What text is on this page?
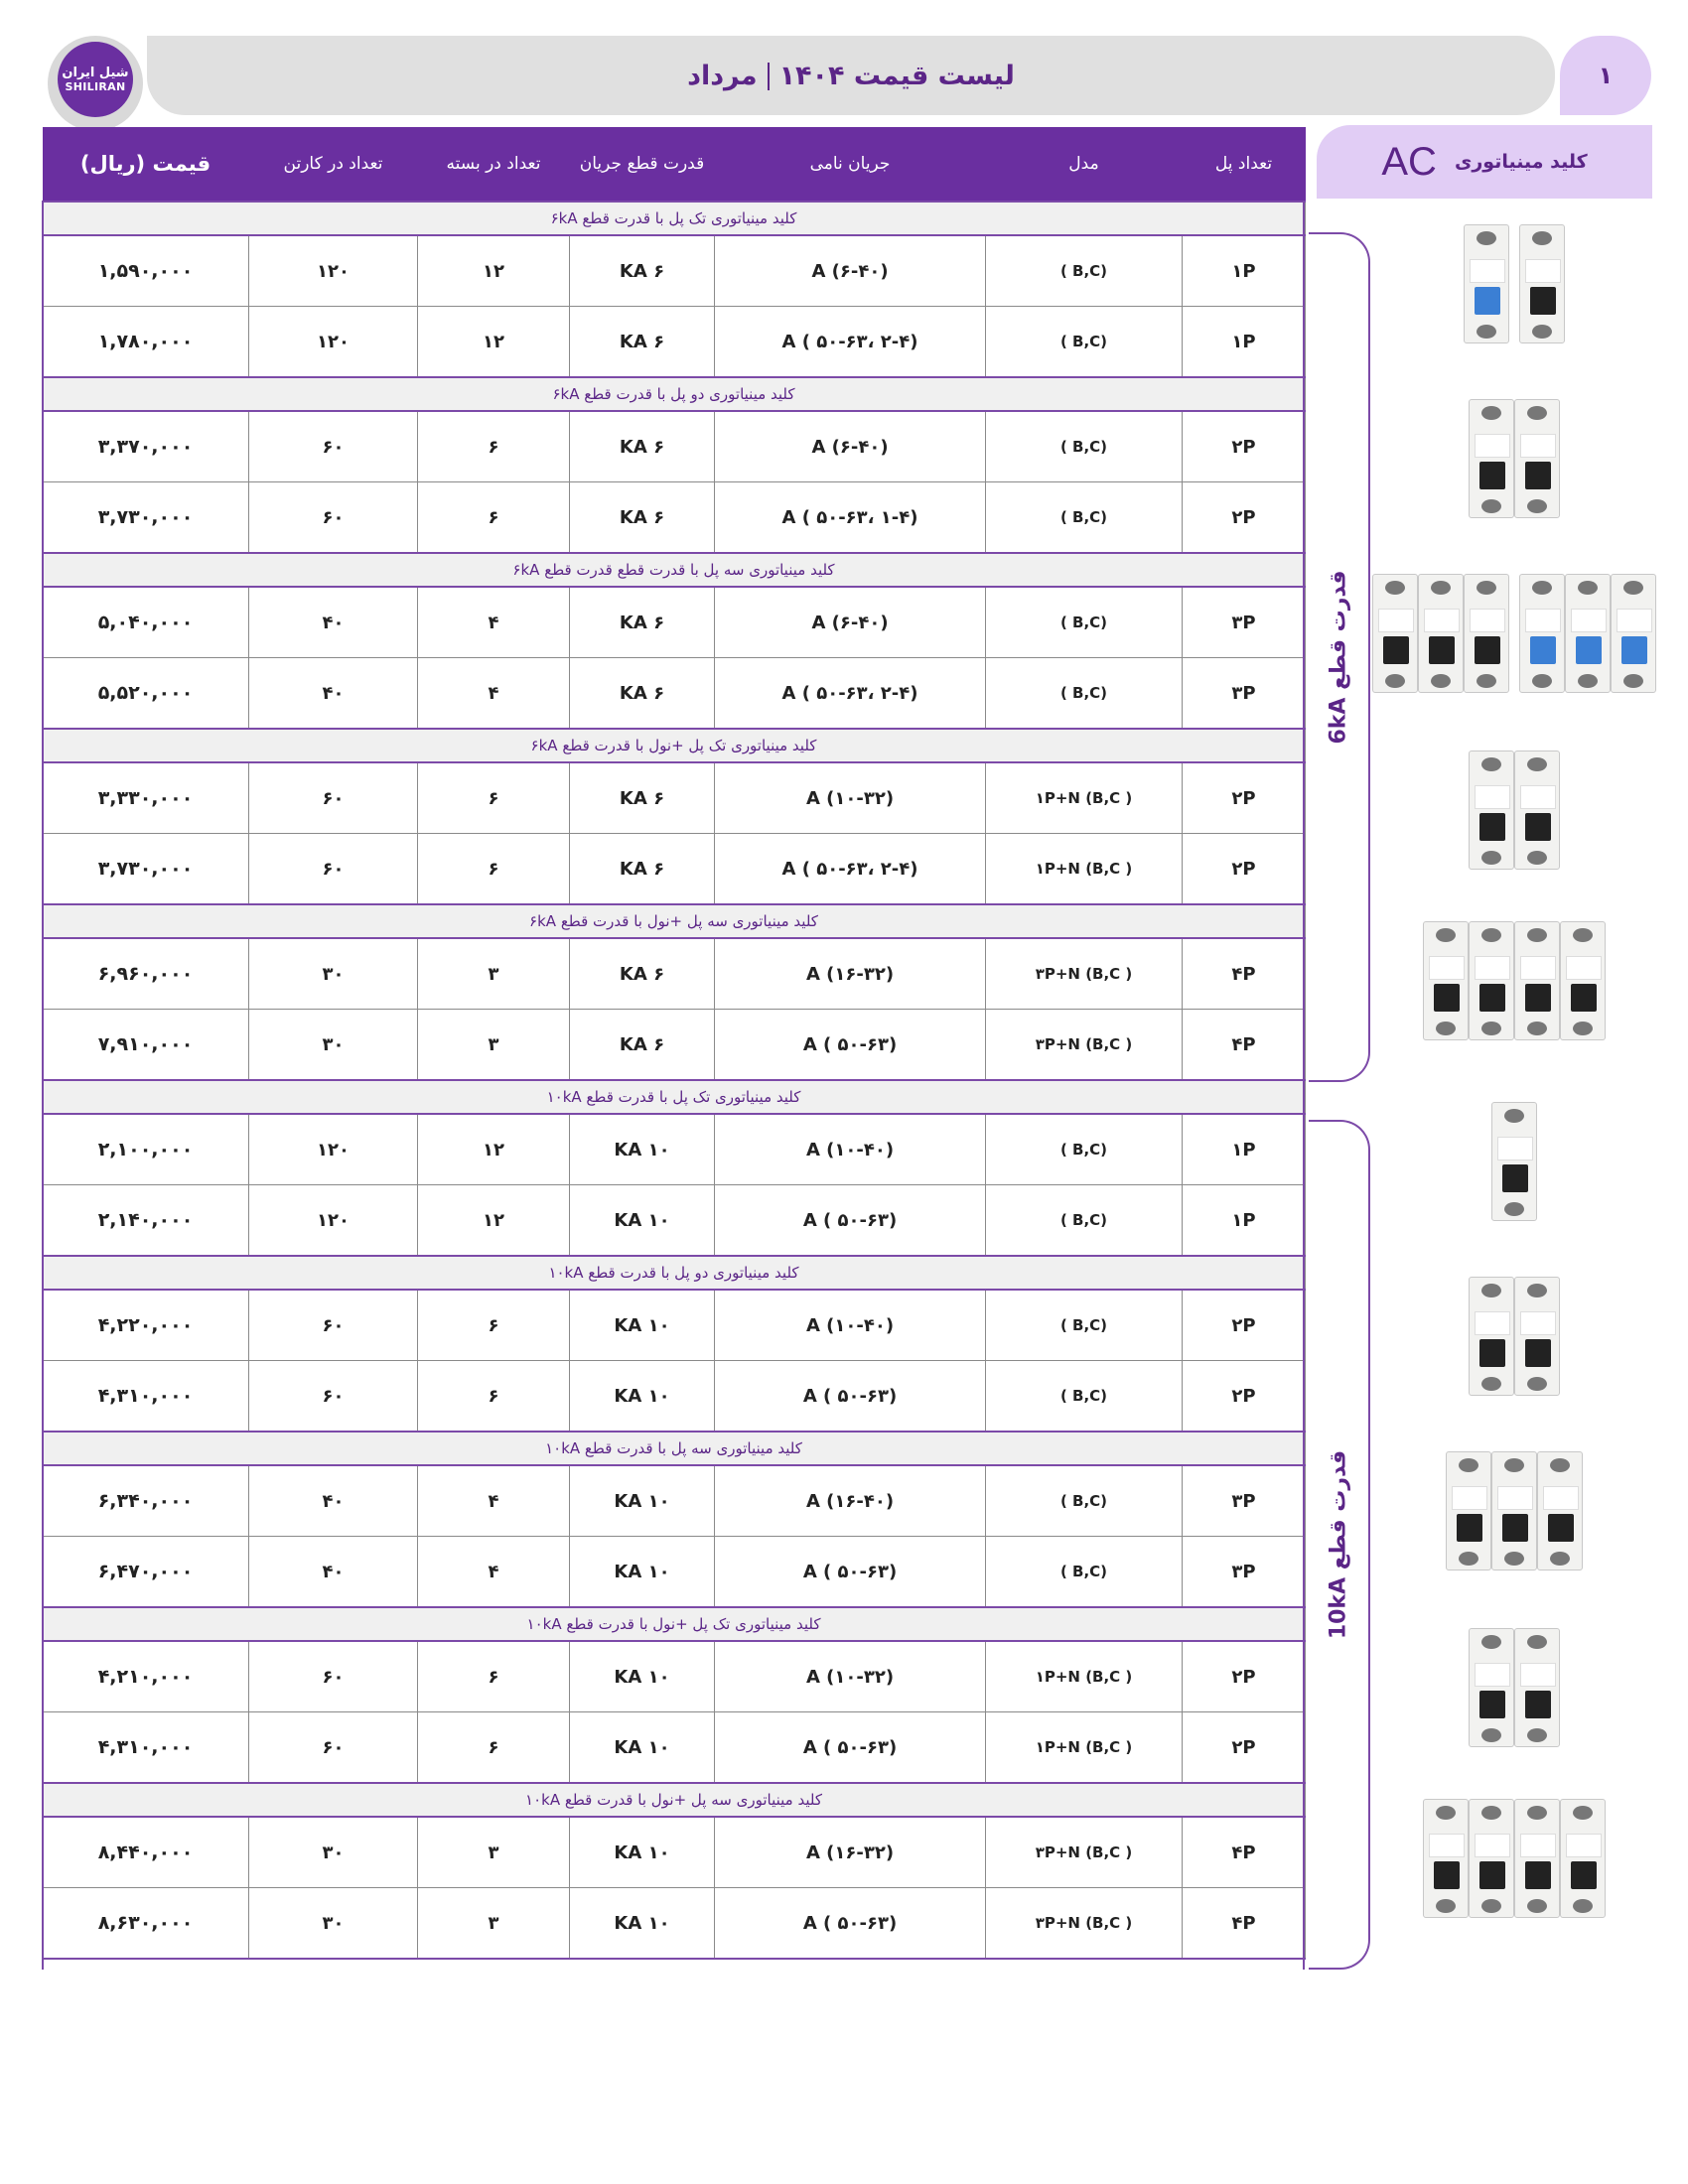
شیل ایران
SHILIRAN	لیست قیمت ۱۴۰۴مرداد	۱
کلید مینیاتوری
AC
تعداد پل	مدل	جریان نامی	قدرت قطع جریان	تعداد در بسته	تعداد در کارتن	قیمت (ریال)
کلید مینیاتوری تک پل با قدرت قطع ۶kA						
۱P	(B,C )	(۶-۴۰) A	۶ KA	۱۲	۱۲۰	۱,۵۹۰,۰۰۰
۱P	(B,C )	(۲-۴ ،۵۰-۶۳ ) A	۶ KA	۱۲	۱۲۰	۱,۷۸۰,۰۰۰
کلید مینیاتوری دو پل با قدرت قطع ۶kA						
۲P	(B,C )	(۶-۴۰) A	۶ KA	۶	۶۰	۳,۳۷۰,۰۰۰
۲P	(B,C )	(۱-۴ ،۵۰-۶۳ ) A	۶ KA	۶	۶۰	۳,۷۳۰,۰۰۰
کلید مینیاتوری سه پل با قدرت قطع قدرت قطع ۶kA						
۳P	(B,C )	(۶-۴۰) A	۶ KA	۴	۴۰	۵,۰۴۰,۰۰۰
۳P	(B,C )	(۲-۴ ،۵۰-۶۳ ) A	۶ KA	۴	۴۰	۵,۵۲۰,۰۰۰
کلید مینیاتوری تک پل +نول با قدرت قطع ۶kA						
۲P	۱P+N (B,C )	(۱۰-۳۲) A	۶ KA	۶	۶۰	۳,۳۳۰,۰۰۰
۲P	۱P+N (B,C )	(۲-۴ ،۵۰-۶۳ ) A	۶ KA	۶	۶۰	۳,۷۳۰,۰۰۰
کلید مینیاتوری سه پل +نول با قدرت قطع ۶kA						
۴P	۳P+N (B,C )	(۱۶-۳۲) A	۶ KA	۳	۳۰	۶,۹۶۰,۰۰۰
۴P	۳P+N (B,C )	(۵۰-۶۳ ) A	۶ KA	۳	۳۰	۷,۹۱۰,۰۰۰
کلید مینیاتوری تک پل با قدرت قطع ۱۰kA						
۱P	(B,C )	(۱۰-۴۰) A	۱۰ KA	۱۲	۱۲۰	۲,۱۰۰,۰۰۰
۱P	(B,C )	(۵۰-۶۳ ) A	۱۰ KA	۱۲	۱۲۰	۲,۱۴۰,۰۰۰
کلید مینیاتوری دو پل با قدرت قطع ۱۰kA						
۲P	(B,C )	(۱۰-۴۰) A	۱۰ KA	۶	۶۰	۴,۲۲۰,۰۰۰
۲P	(B,C )	(۵۰-۶۳ ) A	۱۰ KA	۶	۶۰	۴,۳۱۰,۰۰۰
کلید مینیاتوری سه پل با قدرت قطع ۱۰kA						
۳P	(B,C )	(۱۶-۴۰) A	۱۰ KA	۴	۴۰	۶,۳۴۰,۰۰۰
۳P	(B,C )	(۵۰-۶۳ ) A	۱۰ KA	۴	۴۰	۶,۴۷۰,۰۰۰
کلید مینیاتوری تک پل +نول با قدرت قطع ۱۰kA						
۲P	۱P+N (B,C )	(۱۰-۳۲) A	۱۰ KA	۶	۶۰	۴,۲۱۰,۰۰۰
۲P	۱P+N (B,C )	(۵۰-۶۳ ) A	۱۰ KA	۶	۶۰	۴,۳۱۰,۰۰۰
کلید مینیاتوری سه پل +نول با قدرت قطع ۱۰kA						
۴P	۳P+N (B,C )	(۱۶-۳۲) A	۱۰ KA	۳	۳۰	۸,۴۴۰,۰۰۰
۴P	۳P+N (B,C )	(۵۰-۶۳ ) A	۱۰ KA	۳	۳۰	۸,۶۳۰,۰۰۰
قدرت قطع 6kA
قدرت قطع 10kA
